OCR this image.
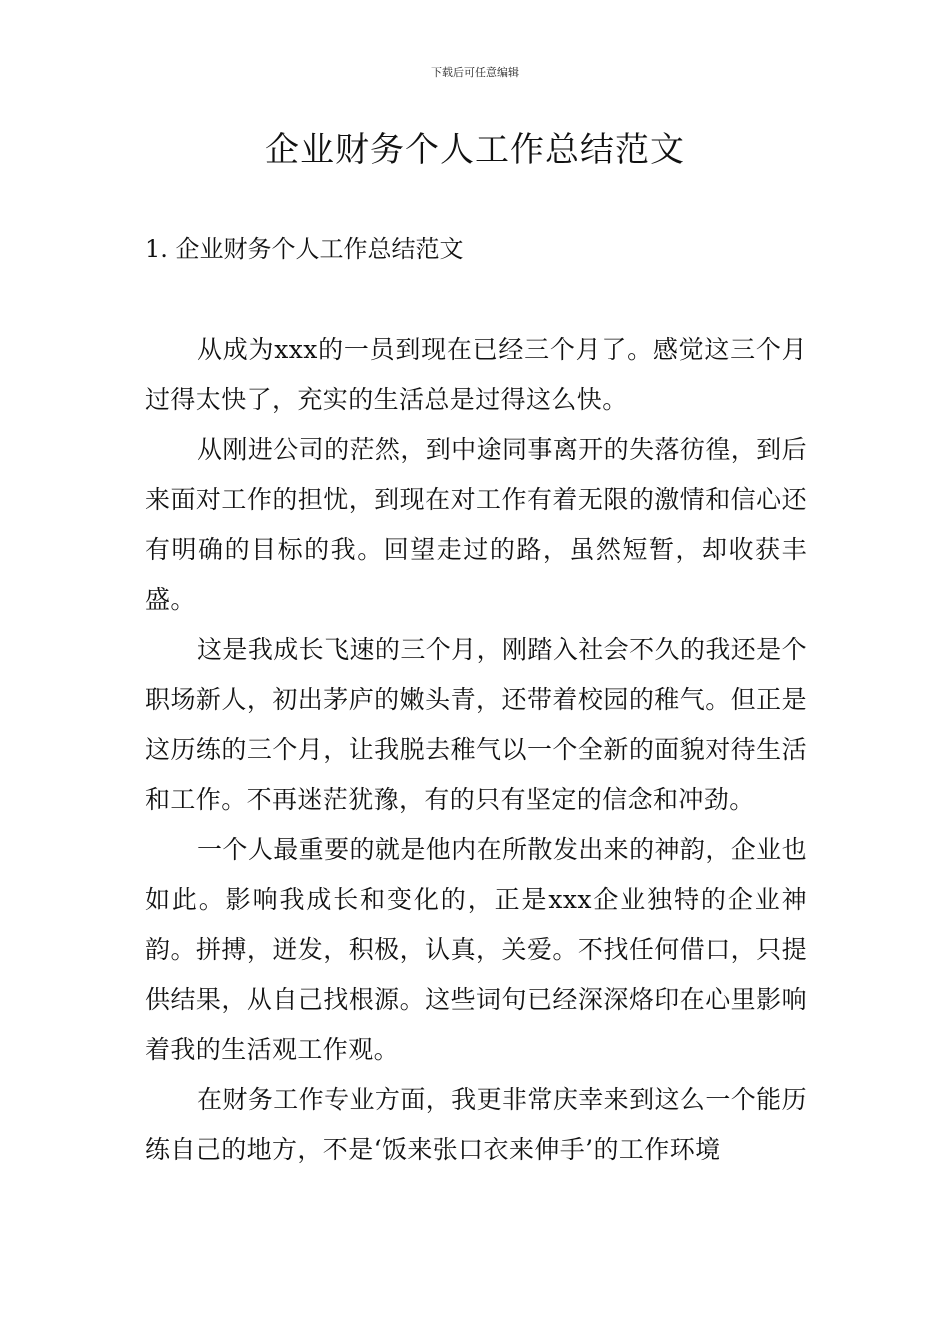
下载后可任意编辑
企业财务个人工作总结范文
1. 企业财务个人工作总结范文

从成为xxx的一员到现在已经三个月了。感觉这三个月过得太快了，充实的生活总是过得这么快。

从刚进公司的茫然，到中途同事离开的失落彷徨，到后来面对工作的担忧，到现在对工作有着无限的激情和信心还有明确的目标的我。回望走过的路，虽然短暂，却收获丰盛。

这是我成长飞速的三个月，刚踏入社会不久的我还是个职场新人，初出茅庐的嫩头青，还带着校园的稚气。但正是这历练的三个月，让我脱去稚气以一个全新的面貌对待生活和工作。不再迷茫犹豫，有的只有坚定的信念和冲劲。

一个人最重要的就是他内在所散发出来的神韵，企业也如此。影响我成长和变化的，正是xxx企业独特的企业神韵。拼搏，迸发，积极，认真，关爱。不找任何借口，只提供结果，从自己找根源。这些词句已经深深烙印在心里影响着我的生活观工作观。

在财务工作专业方面，我更非常庆幸来到这么一个能历练自己的地方，不是‘饭来张口衣来伸手’的工作环境
